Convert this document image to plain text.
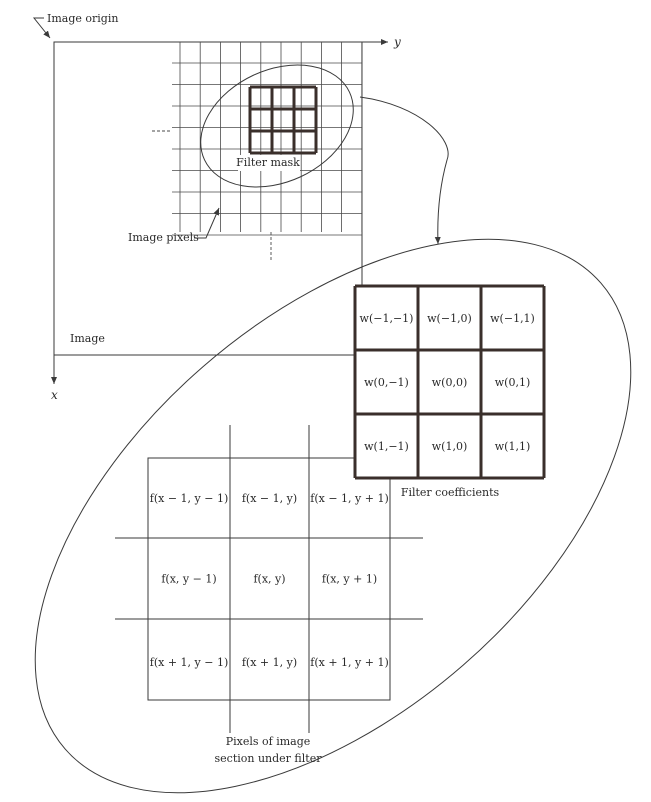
Image origin
y
x
Image
Filter mask
Image pixels
f(x − 1, y − 1) f(x − 1, y) f(x − 1, y + 1)
f(x, y − 1)	f(x, y)	f(x, y + 1)
f(x + 1, y − 1) f(x + 1, y) f(x + 1, y + 1)
w(−1,−1) w(−1,0) w(−1,1)
w(0,−1) w(0,0)	w(0,1)
w(1,−1) w(1,0)	w(1,1)
Filter coefficients
Pixels of image
section under filter
